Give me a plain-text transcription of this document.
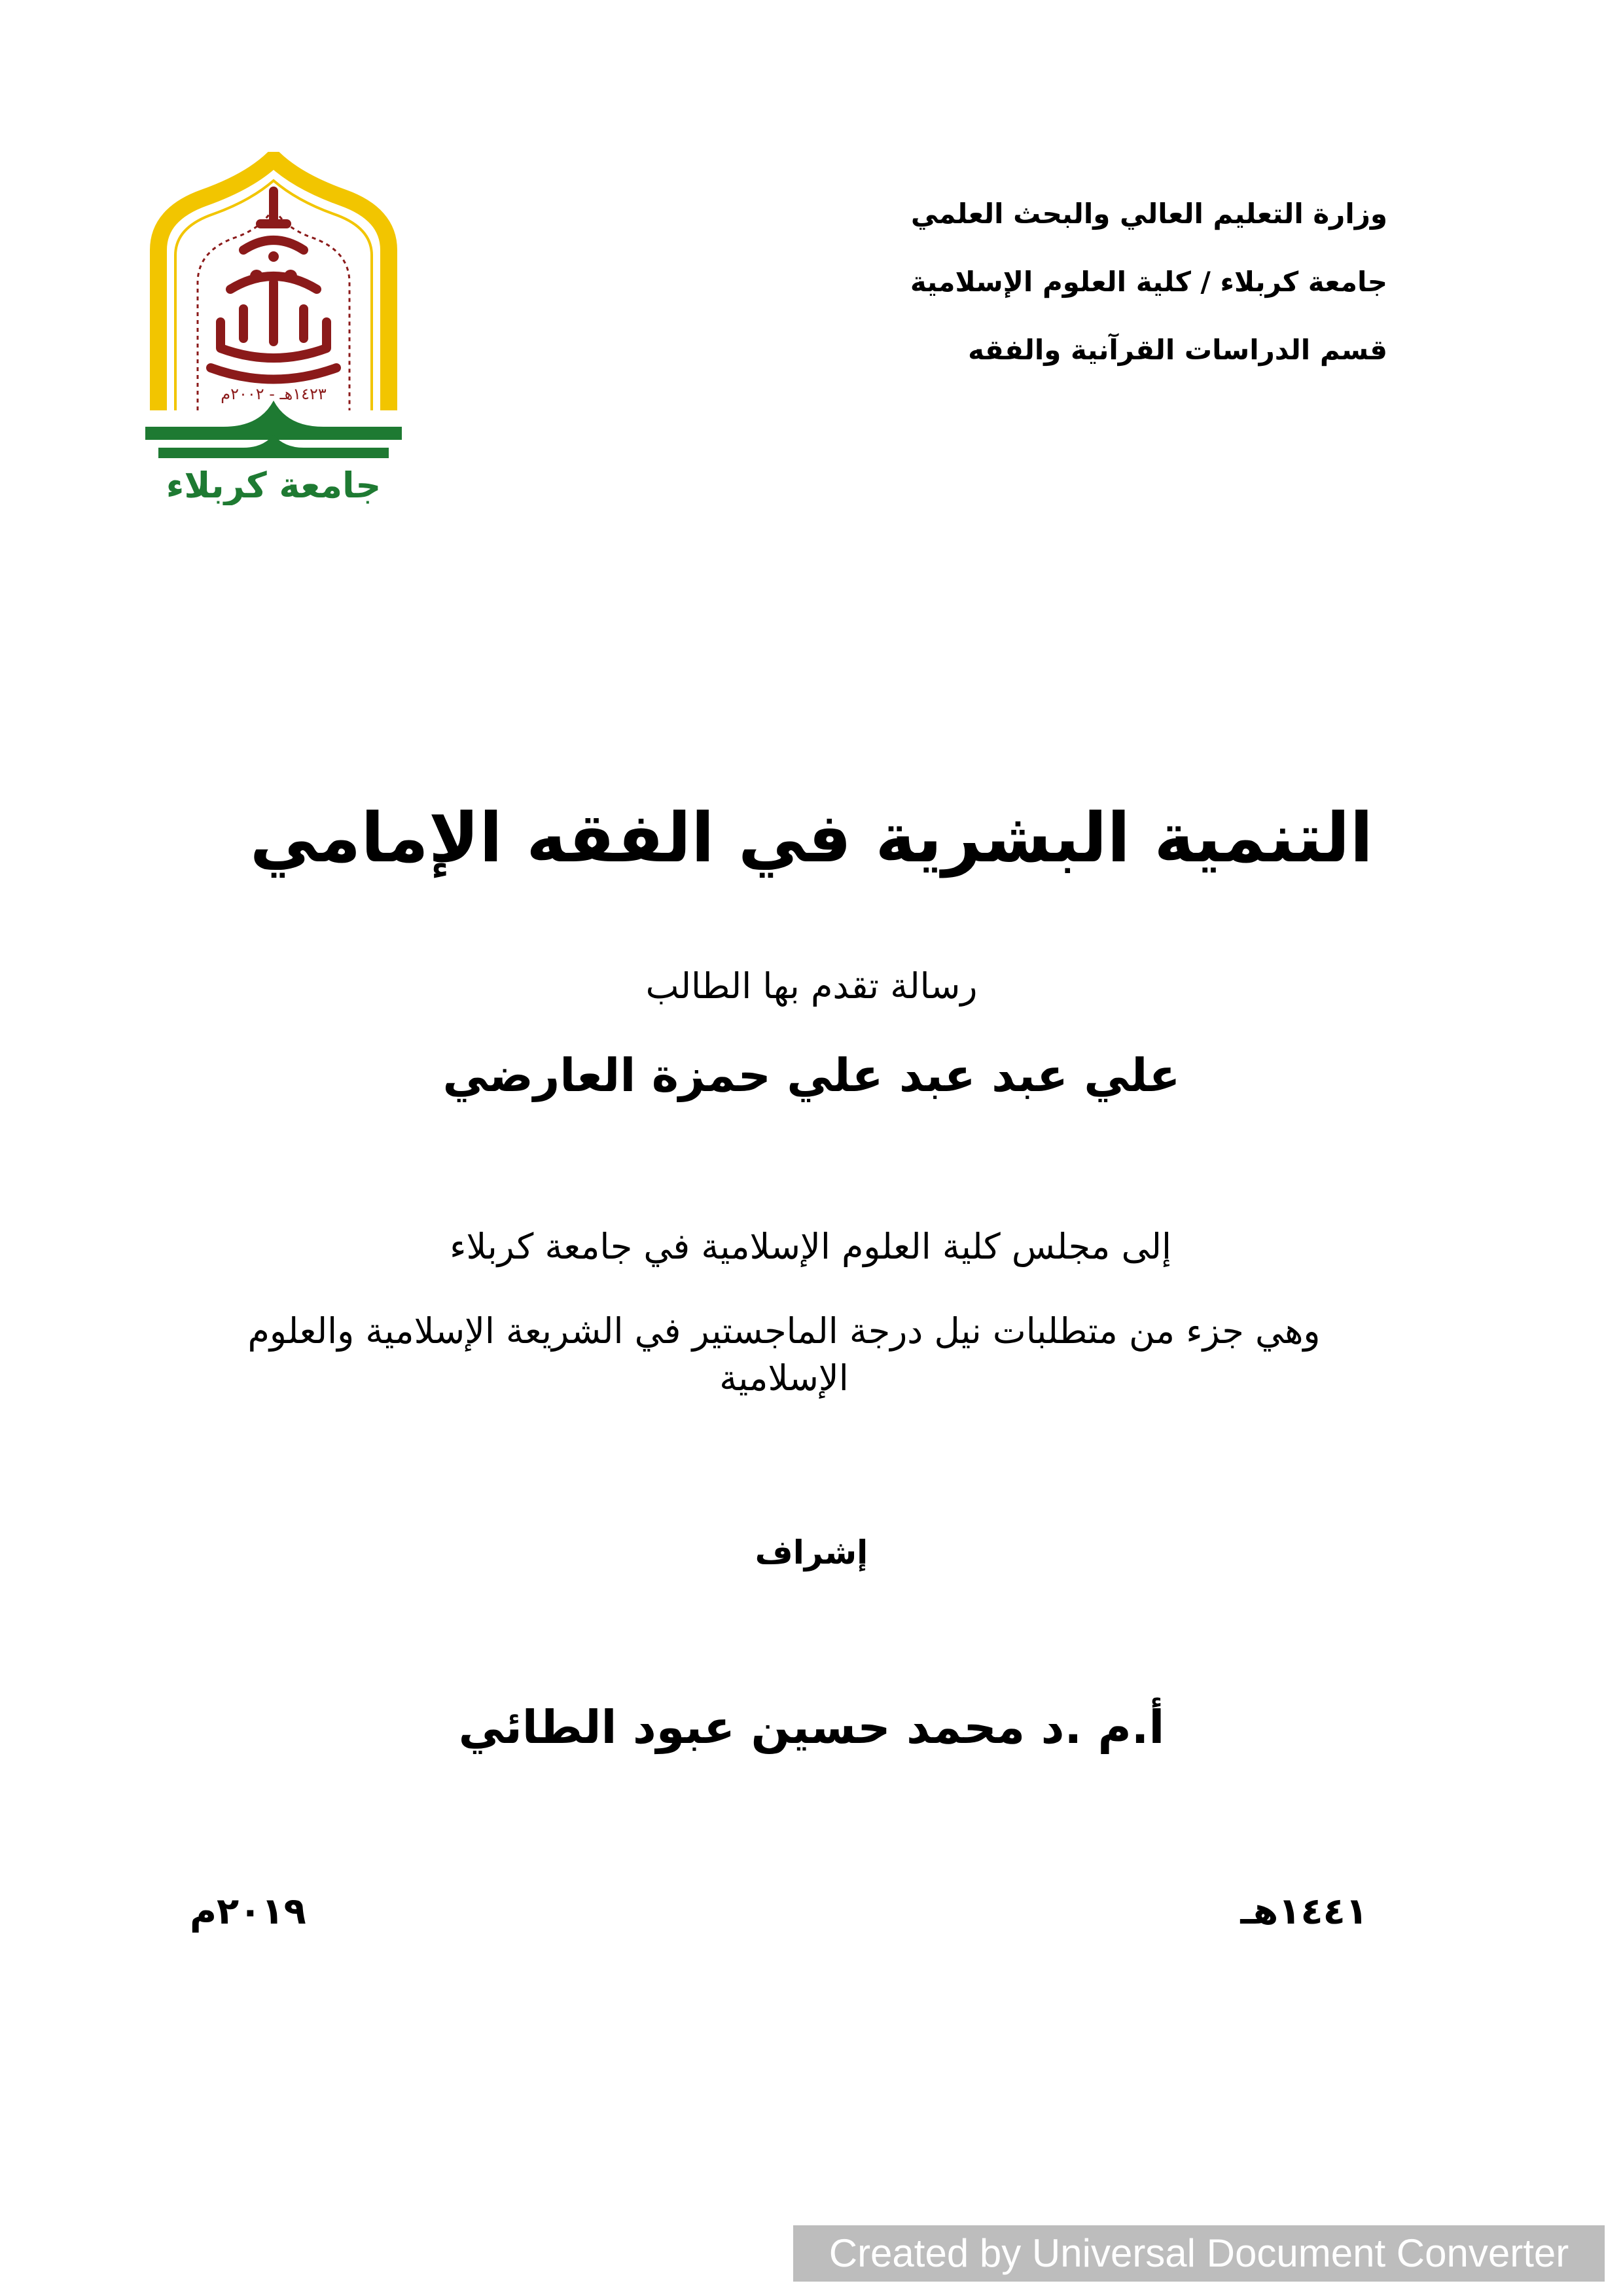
وزارة التعليم العالي والبحث العلمي
جامعة كربلاء / كلية العلوم الإسلامية
قسم الدراسات القرآنية والفقه
١٤٢٣هـ - ٢٠٠٢م
جامعة كربلاء
التنمية البشرية في الفقه الإمامي
رسالة تقدم بها الطالب
علي عبد عبد علي حمزة العارضي
إلى مجلس كلية العلوم الإسلامية في جامعة كربلاء
وهي جزء من متطلبات نيل درجة الماجستير في الشريعة الإسلامية والعلوم الإسلامية
إشراف
أ.م .د محمد حسين عبود الطائي
١٤٤١هـ
٢٠١٩م
Created by Universal Document Converter
